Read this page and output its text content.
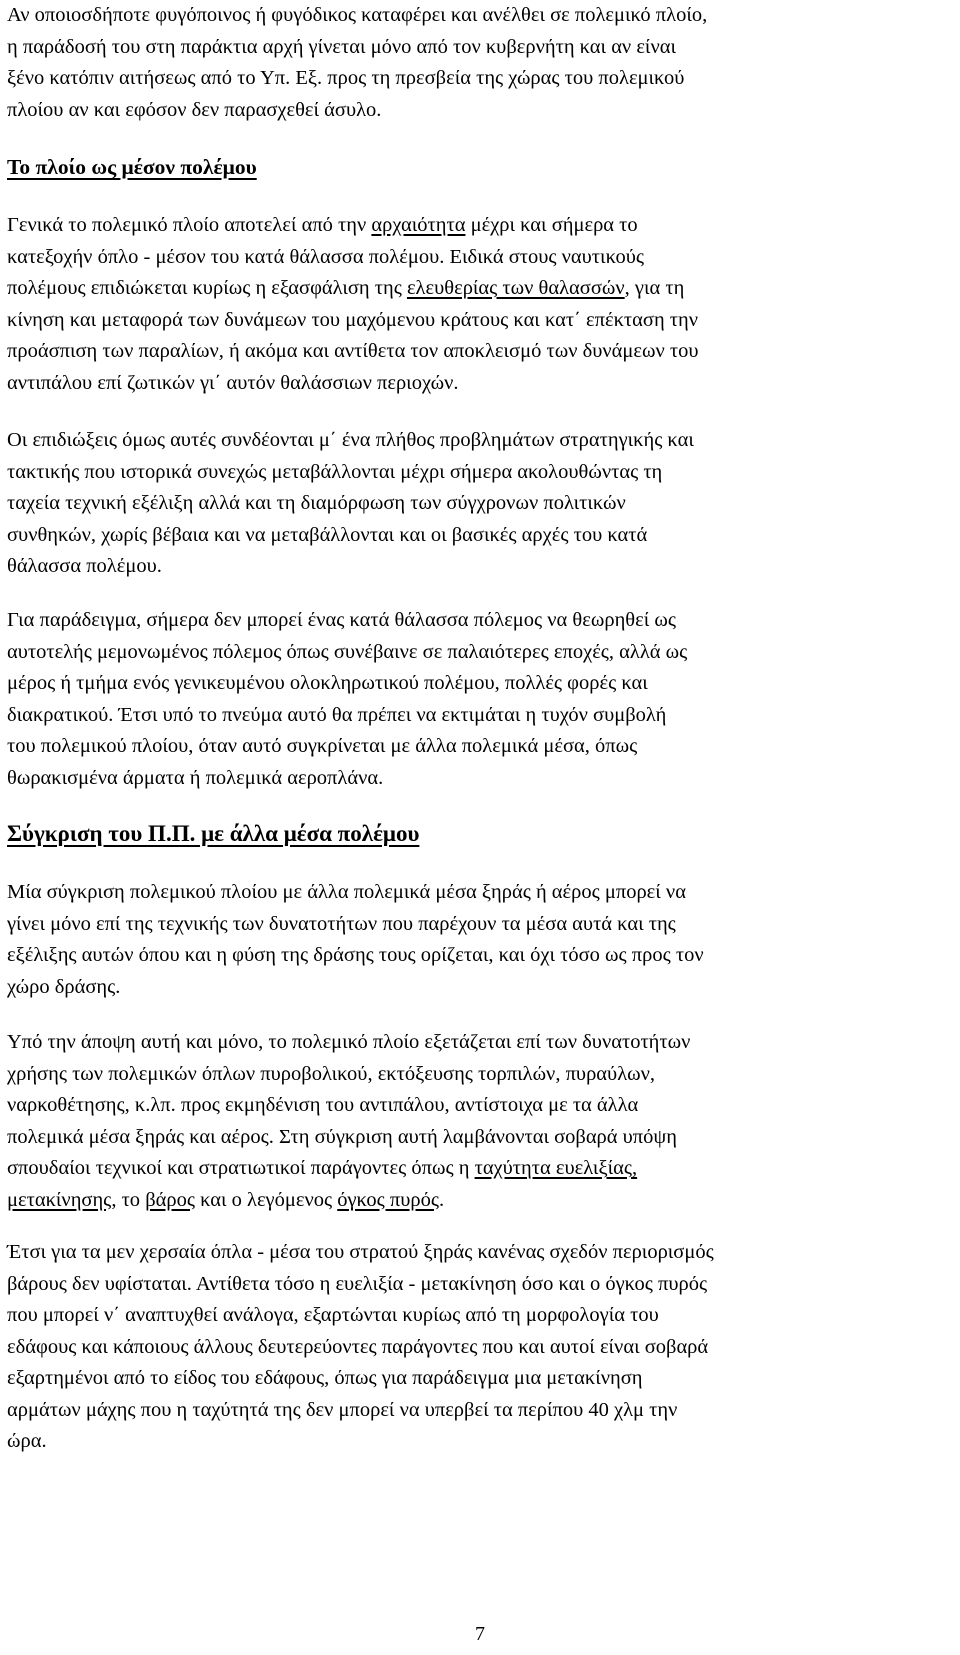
Αν οποιοσδήποτε φυγόποινος ή φυγόδικος καταφέρει και ανέλθει σε πολεμικό πλοίο,
η παράδοσή του στη παράκτια αρχή γίνεται μόνο από τον κυβερνήτη και αν είναι
ξένο κατόπιν αιτήσεως από το Υπ. Εξ. προς τη πρεσβεία της χώρας του πολεμικού
πλοίου αν και εφόσον δεν παρασχεθεί άσυλο.

Το πλοίο ως μέσον πολέμου

Γενικά το πολεμικό πλοίο αποτελεί από την αρχαιότητα μέχρι και σήμερα το
κατεξοχήν όπλο - μέσον του κατά θάλασσα πολέμου. Ειδικά στους ναυτικούς
πολέμους επιδιώκεται κυρίως η εξασφάλιση της ελευθερίας των θαλασσών, για τη
κίνηση και μεταφορά των δυνάμεων του μαχόμενου κράτους και κατ΄ επέκταση την
προάσπιση των παραλίων, ή ακόμα και αντίθετα τον αποκλεισμό των δυνάμεων του
αντιπάλου επί ζωτικών γι΄ αυτόν θαλάσσιων περιοχών.

Οι επιδιώξεις όμως αυτές συνδέονται μ΄ ένα πλήθος προβλημάτων στρατηγικής και
τακτικής που ιστορικά συνεχώς μεταβάλλονται μέχρι σήμερα ακολουθώντας τη
ταχεία τεχνική εξέλιξη αλλά και τη διαμόρφωση των σύγχρονων πολιτικών
συνθηκών, χωρίς βέβαια και να μεταβάλλονται και οι βασικές αρχές του κατά
θάλασσα πολέμου.

Για παράδειγμα, σήμερα δεν μπορεί ένας κατά θάλασσα πόλεμος να θεωρηθεί ως
αυτοτελής μεμονωμένος πόλεμος όπως συνέβαινε σε παλαιότερες εποχές, αλλά ως
μέρος ή τμήμα ενός γενικευμένου ολοκληρωτικού πολέμου, πολλές φορές και
διακρατικού. Έτσι υπό το πνεύμα αυτό θα πρέπει να εκτιμάται η τυχόν συμβολή
του πολεμικού πλοίου, όταν αυτό συγκρίνεται με άλλα πολεμικά μέσα, όπως
θωρακισμένα άρματα ή πολεμικά αεροπλάνα.

Σύγκριση του Π.Π. με άλλα μέσα πολέμου

Μία σύγκριση πολεμικού πλοίου με άλλα πολεμικά μέσα ξηράς ή αέρος μπορεί να
γίνει μόνο επί της τεχνικής των δυνατοτήτων που παρέχουν τα μέσα αυτά και της
εξέλιξης αυτών όπου και η φύση της δράσης τους ορίζεται, και όχι τόσο ως προς τον
χώρο δράσης.

Υπό την άποψη αυτή και μόνο, το πολεμικό πλοίο εξετάζεται επί των δυνατοτήτων
χρήσης των πολεμικών όπλων πυροβολικού, εκτόξευσης τορπιλών, πυραύλων,
ναρκοθέτησης, κ.λπ. προς εκμηδένιση του αντιπάλου, αντίστοιχα με τα άλλα
πολεμικά μέσα ξηράς και αέρος. Στη σύγκριση αυτή λαμβάνονται σοβαρά υπόψη
σπουδαίοι τεχνικοί και στρατιωτικοί παράγοντες όπως η ταχύτητα ευελιξίας,
μετακίνησης, το βάρος και ο λεγόμενος όγκος πυρός.

Έτσι για τα μεν χερσαία όπλα - μέσα του στρατού ξηράς κανένας σχεδόν περιορισμός
βάρους δεν υφίσταται. Αντίθετα τόσο η ευελιξία - μετακίνηση όσο και ο όγκος πυρός
που μπορεί ν΄ αναπτυχθεί ανάλογα, εξαρτώνται κυρίως από τη μορφολογία του
εδάφους και κάποιους άλλους δευτερεύοντες παράγοντες που και αυτοί είναι σοβαρά
εξαρτημένοι από το είδος του εδάφους, όπως για παράδειγμα μια μετακίνηση
αρμάτων μάχης που η ταχύτητά της δεν μπορεί να υπερβεί τα περίπου 40 χλμ την
ώρα.

7
